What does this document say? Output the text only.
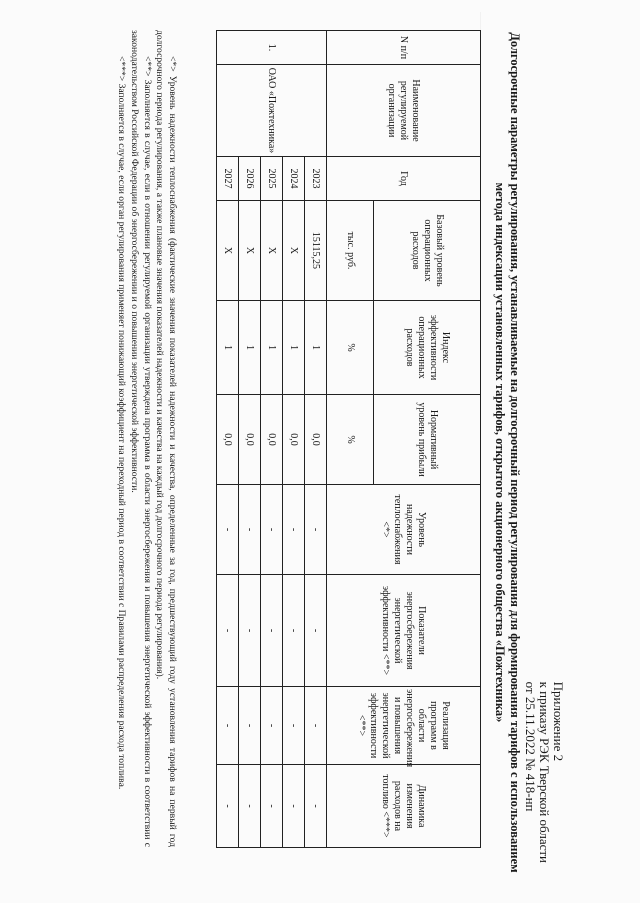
Приложение 2
к приказу РЭК Тверской области
от 25.11.2022 № 418-нп
Долгосрочные параметры регулирования, устанавливаемые на долгосрочный период регулирования для формирования тарифов с использованием
метода индексации установленных тарифов, открытого акционерного общества «Пожтехника»
N п/п	Наименование регулируемой организации	Год	Базовый уровень операционных расходов	Индекс эффективности операционных расходов	Нормативный уровень прибыли	Уровень надежности теплоснабжения <*>	Показатели энергосбережения энергетической эффективности <**>	Реализация программ в области энергосбережения и повышения энергетической эффективности <**>	Динамика изменения расходов на топливо <***>
			тыс. руб.	%	%				
1.	ОАО «Пожтехника»	2023	15115,25	1	0,0	-	-	-	-
		2024	Х	1	0,0	-	-	-	-
		2025	Х	1	0,0	-	-	-	-
		2026	Х	1	0,0	-	-	-	-
		2027	Х	1	0,0	-	-	-	-

<*> Уровень надежности теплоснабжения (фактические значения показателей надежности и качества, определенные за год, предшествующий году установления тарифов на первый год долгосрочного периода регулирования, а также плановые значения показателей надежности и качества на каждый год долгосрочного периода регулирования).

<**> Заполняется в случае, если в отношении регулируемой организации утверждена программа в области энергосбережения и повышения энергетической эффективности в соответствии с законодательством Российской Федерации об энергосбережении и о повышении энергетической эффективности.

<***> Заполняется в случае, если орган регулирования применяет понижающий коэффициент на переходный период в соответствии с Правилами распределения расхода топлива.
